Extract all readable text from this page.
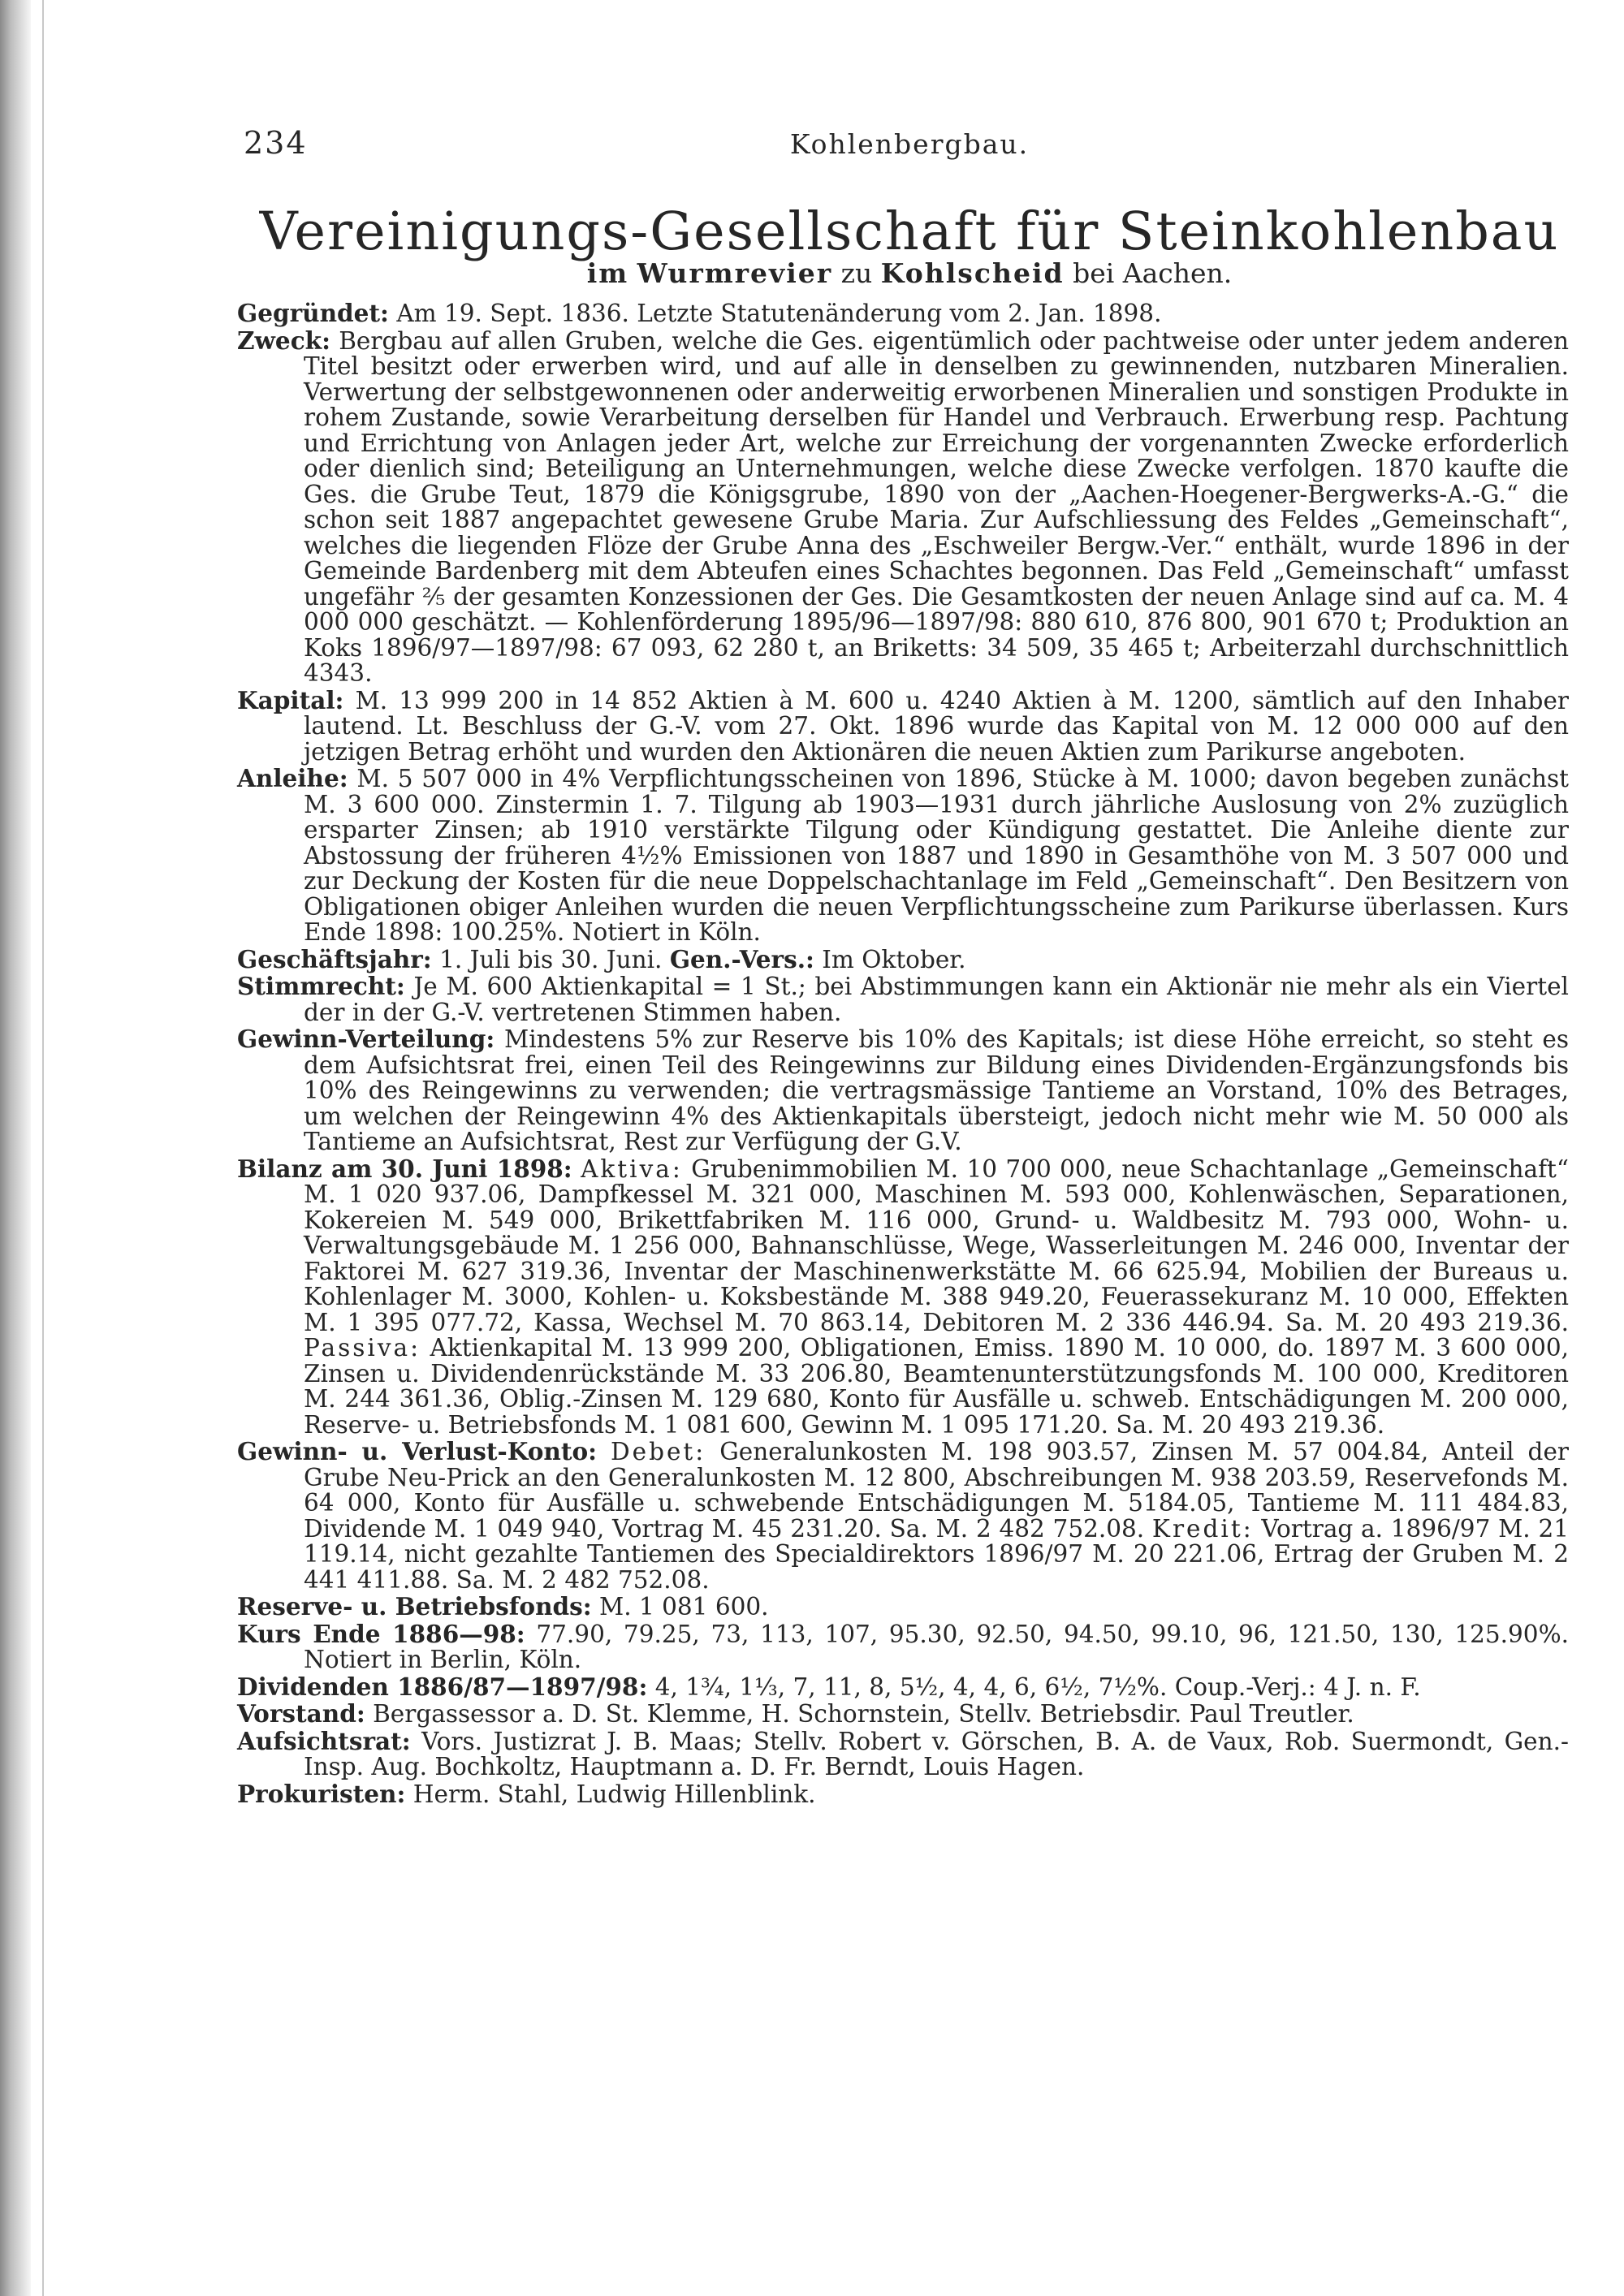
234	Kohlenbergbau.
Vereinigungs-Gesellschaft für Steinkohlenbau
im Wurmrevier zu Kohlscheid bei Aachen.

Gegründet: Am 19. Sept. 1836. Letzte Statutenänderung vom 2. Jan. 1898.

Zweck: Bergbau auf allen Gruben, welche die Ges. eigentümlich oder pachtweise oder unter jedem anderen Titel besitzt oder erwerben wird, und auf alle in denselben zu gewinnenden, nutzbaren Mineralien. Verwertung der selbstgewonnenen oder anderweitig erworbenen Mineralien und sonstigen Produkte in rohem Zustande, sowie Verarbeitung derselben für Handel und Verbrauch. Erwerbung resp. Pachtung und Errichtung von Anlagen jeder Art, welche zur Erreichung der vorgenannten Zwecke erforderlich oder dienlich sind; Beteiligung an Unternehmungen, welche diese Zwecke verfolgen. 1870 kaufte die Ges. die Grube Teut, 1879 die Königsgrube, 1890 von der „Aachen-Hoegener-Bergwerks-A.-G.“ die schon seit 1887 angepachtet gewesene Grube Maria. Zur Aufschliessung des Feldes „Gemeinschaft“, welches die liegenden Flöze der Grube Anna des „Eschweiler Bergw.-Ver.“ enthält, wurde 1896 in der Gemeinde Bardenberg mit dem Abteufen eines Schachtes begonnen. Das Feld „Gemeinschaft“ umfasst ungefähr ²⁄₅ der gesamten Konzessionen der Ges. Die Gesamtkosten der neuen Anlage sind auf ca. M. 4 000 000 geschätzt. — Kohlenförderung 1895/96—1897/98: 880 610, 876 800, 901 670 t; Produktion an Koks 1896/97—1897/98: 67 093, 62 280 t, an Briketts: 34 509, 35 465 t; Arbeiterzahl durchschnittlich 4343.

Kapital: M. 13 999 200 in 14 852 Aktien à M. 600 u. 4240 Aktien à M. 1200, sämtlich auf den Inhaber lautend. Lt. Beschluss der G.-V. vom 27. Okt. 1896 wurde das Kapital von M. 12 000 000 auf den jetzigen Betrag erhöht und wurden den Aktionären die neuen Aktien zum Parikurse angeboten.

Anleihe: M. 5 507 000 in 4% Verpflichtungsscheinen von 1896, Stücke à M. 1000; davon begeben zunächst M. 3 600 000. Zinstermin 1. 7. Tilgung ab 1903—1931 durch jährliche Auslosung von 2% zuzüglich ersparter Zinsen; ab 1910 verstärkte Tilgung oder Kündigung gestattet. Die Anleihe diente zur Abstossung der früheren 4½% Emissionen von 1887 und 1890 in Gesamthöhe von M. 3 507 000 und zur Deckung der Kosten für die neue Doppelschachtanlage im Feld „Gemeinschaft“. Den Besitzern von Obligationen obiger Anleihen wurden die neuen Verpflichtungsscheine zum Parikurse überlassen. Kurs Ende 1898: 100.25%. Notiert in Köln.

Geschäftsjahr: 1. Juli bis 30. Juni. Gen.-Vers.: Im Oktober.

Stimmrecht: Je M. 600 Aktienkapital = 1 St.; bei Abstimmungen kann ein Aktionär nie mehr als ein Viertel der in der G.-V. vertretenen Stimmen haben.

Gewinn-Verteilung: Mindestens 5% zur Reserve bis 10% des Kapitals; ist diese Höhe erreicht, so steht es dem Aufsichtsrat frei, einen Teil des Reingewinns zur Bildung eines Dividenden-Ergänzungsfonds bis 10% des Reingewinns zu verwenden; die vertragsmässige Tantieme an Vorstand, 10% des Betrages, um welchen der Reingewinn 4% des Aktienkapitals übersteigt, jedoch nicht mehr wie M. 50 000 als Tantieme an Aufsichtsrat, Rest zur Verfügung der G.V.

Bilanz am 30. Juni 1898: Aktiva: Grubenimmobilien M. 10 700 000, neue Schachtanlage „Gemeinschaft“ M. 1 020 937.06, Dampfkessel M. 321 000, Maschinen M. 593 000, Kohlenwäschen, Separationen, Kokereien M. 549 000, Brikettfabriken M. 116 000, Grund- u. Waldbesitz M. 793 000, Wohn- u. Verwaltungsgebäude M. 1 256 000, Bahnanschlüsse, Wege, Wasserleitungen M. 246 000, Inventar der Faktorei M. 627 319.36, Inventar der Maschinenwerkstätte M. 66 625.94, Mobilien der Bureaus u. Kohlenlager M. 3000, Kohlen- u. Koksbestände M. 388 949.20, Feuerassekuranz M. 10 000, Effekten M. 1 395 077.72, Kassa, Wechsel M. 70 863.14, Debitoren M. 2 336 446.94. Sa. M. 20 493 219.36. Passiva: Aktienkapital M. 13 999 200, Obligationen, Emiss. 1890 M. 10 000, do. 1897 M. 3 600 000, Zinsen u. Dividendenrückstände M. 33 206.80, Beamtenunterstützungsfonds M. 100 000, Kreditoren M. 244 361.36, Oblig.-Zinsen M. 129 680, Konto für Ausfälle u. schweb. Entschädigungen M. 200 000, Reserve- u. Betriebsfonds M. 1 081 600, Gewinn M. 1 095 171.20. Sa. M. 20 493 219.36.

Gewinn- u. Verlust-Konto: Debet: Generalunkosten M. 198 903.57, Zinsen M. 57 004.84, Anteil der Grube Neu-Prick an den Generalunkosten M. 12 800, Abschreibungen M. 938 203.59, Reservefonds M. 64 000, Konto für Ausfälle u. schwebende Entschädigungen M. 5184.05, Tantieme M. 111 484.83, Dividende M. 1 049 940, Vortrag M. 45 231.20. Sa. M. 2 482 752.08. Kredit: Vortrag a. 1896/97 M. 21 119.14, nicht gezahlte Tantiemen des Specialdirektors 1896/97 M. 20 221.06, Ertrag der Gruben M. 2 441 411.88. Sa. M. 2 482 752.08.

Reserve- u. Betriebsfonds: M. 1 081 600.

Kurs Ende 1886—98: 77.90, 79.25, 73, 113, 107, 95.30, 92.50, 94.50, 99.10, 96, 121.50, 130, 125.90%. Notiert in Berlin, Köln.

Dividenden 1886/87—1897/98: 4, 1³⁄₄, 1¹⁄₃, 7, 11, 8, 5¹⁄₂, 4, 4, 6, 6¹⁄₂, 7¹⁄₂%. Coup.-Verj.: 4 J. n. F.

Vorstand: Bergassessor a. D. St. Klemme, H. Schornstein, Stellv. Betriebsdir. Paul Treutler.

Aufsichtsrat: Vors. Justizrat J. B. Maas; Stellv. Robert v. Görschen, B. A. de Vaux, Rob. Suermondt, Gen.-Insp. Aug. Bochkoltz, Hauptmann a. D. Fr. Berndt, Louis Hagen.

Prokuristen: Herm. Stahl, Ludwig Hillenblink.
